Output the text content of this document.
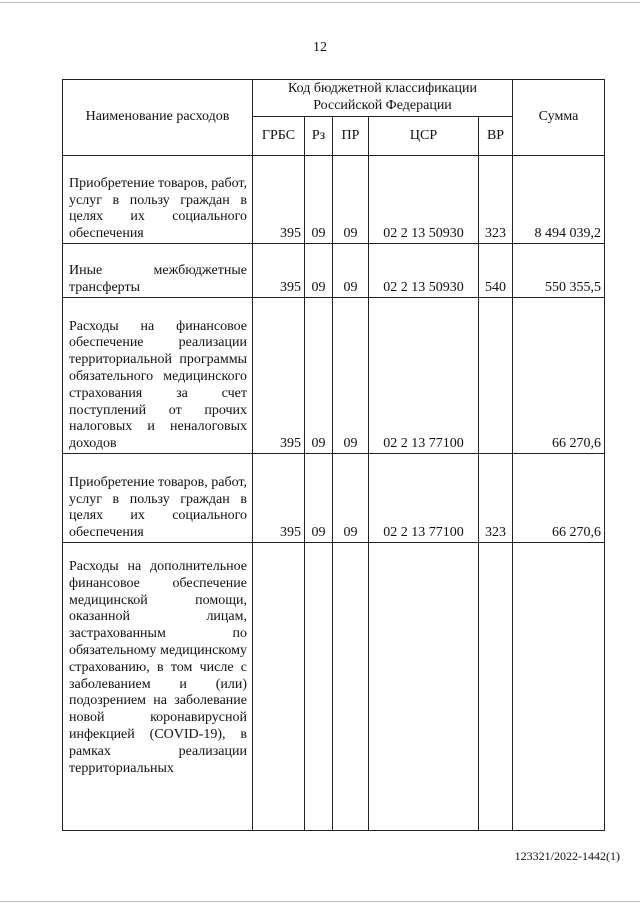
12
Наименование расходов	Код бюджетной классификации Российской Федерации					Сумма
	ГРБС	Рз	ПР	ЦСР	ВР	
Приобретение товаров, работ, услуг в пользу граждан в целях их социального обеспечения	395	09	09	02 2 13 50930	323	8 494 039,2
Иные межбюджетные трансферты	395	09	09	02 2 13 50930	540	550 355,5
Расходы на финансовое обеспечение реализации территориальной программы обязательного медицинского страхования за счет поступлений от прочих налоговых и неналоговых доходов	395	09	09	02 2 13 77100		66 270,6
Приобретение товаров, работ, услуг в пользу граждан в целях их социального обеспечения	395	09	09	02 2 13 77100	323	66 270,6
Расходы на дополнительное финансовое обеспечение медицинской помощи, оказанной лицам, застрахованным по обязательному медицинскому страхованию, в том числе с заболеванием и (или) подозрением на заболевание новой коронавирусной инфекцией (COVID-19), в рамках реализации территориальных						
123321/2022-1442(1)
